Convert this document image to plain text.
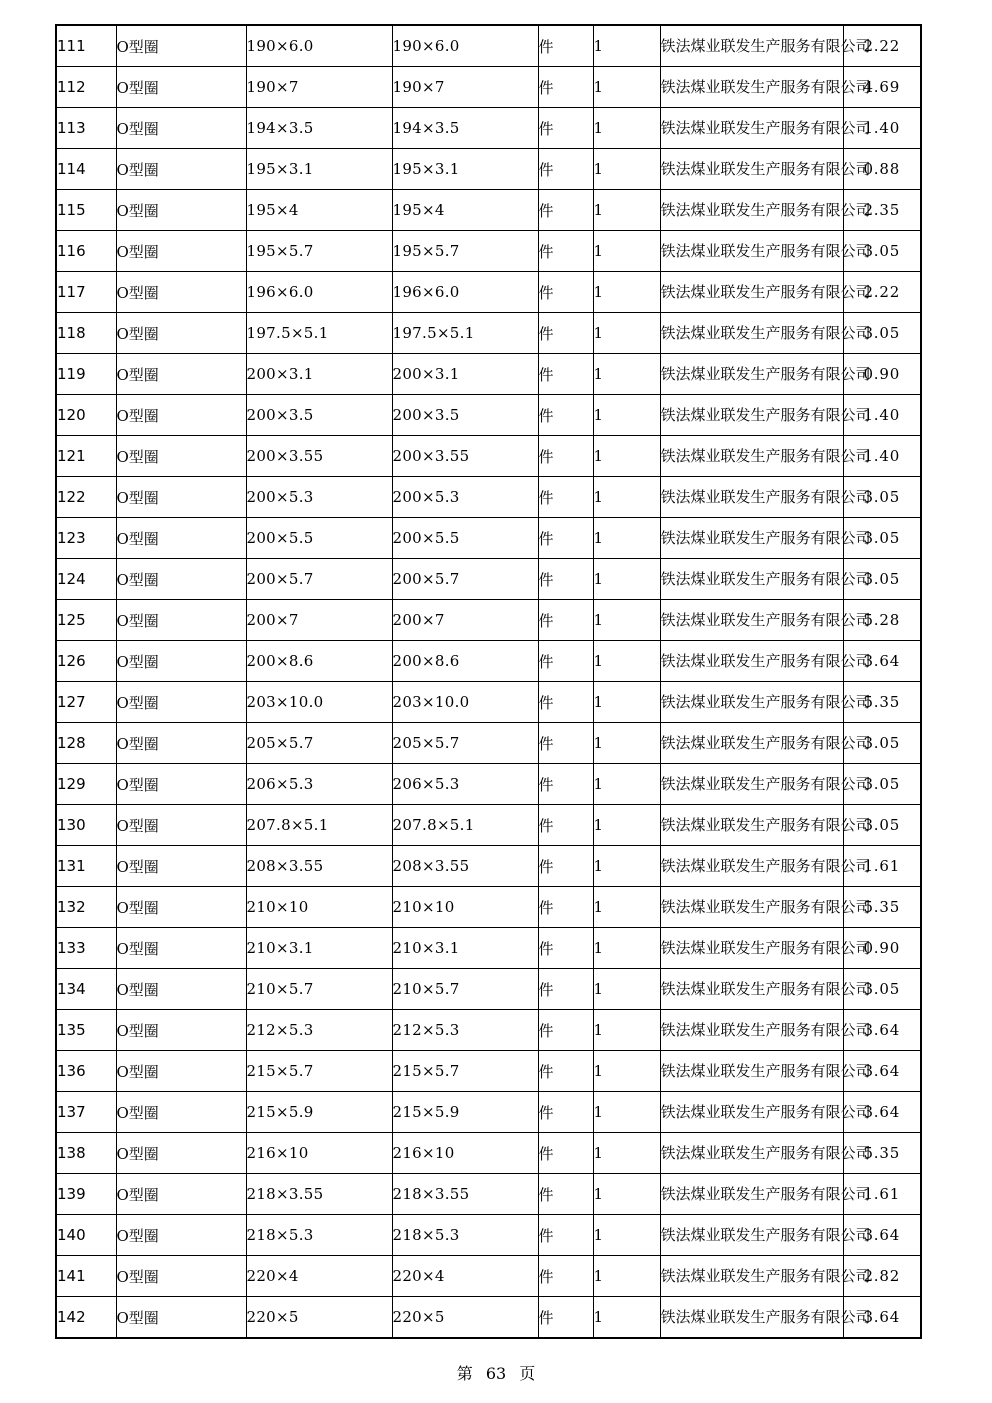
111	O型圈	190×6.0	190×6.0	件	1	铁法煤业联发生产服务有限公司	2.22
112	O型圈	190×7	190×7	件	1	铁法煤业联发生产服务有限公司	4.69
113	O型圈	194×3.5	194×3.5	件	1	铁法煤业联发生产服务有限公司	1.40
114	O型圈	195×3.1	195×3.1	件	1	铁法煤业联发生产服务有限公司	0.88
115	O型圈	195×4	195×4	件	1	铁法煤业联发生产服务有限公司	2.35
116	O型圈	195×5.7	195×5.7	件	1	铁法煤业联发生产服务有限公司	3.05
117	O型圈	196×6.0	196×6.0	件	1	铁法煤业联发生产服务有限公司	2.22
118	O型圈	197.5×5.1	197.5×5.1	件	1	铁法煤业联发生产服务有限公司	3.05
119	O型圈	200×3.1	200×3.1	件	1	铁法煤业联发生产服务有限公司	0.90
120	O型圈	200×3.5	200×3.5	件	1	铁法煤业联发生产服务有限公司	1.40
121	O型圈	200×3.55	200×3.55	件	1	铁法煤业联发生产服务有限公司	1.40
122	O型圈	200×5.3	200×5.3	件	1	铁法煤业联发生产服务有限公司	3.05
123	O型圈	200×5.5	200×5.5	件	1	铁法煤业联发生产服务有限公司	3.05
124	O型圈	200×5.7	200×5.7	件	1	铁法煤业联发生产服务有限公司	3.05
125	O型圈	200×7	200×7	件	1	铁法煤业联发生产服务有限公司	5.28
126	O型圈	200×8.6	200×8.6	件	1	铁法煤业联发生产服务有限公司	3.64
127	O型圈	203×10.0	203×10.0	件	1	铁法煤业联发生产服务有限公司	5.35
128	O型圈	205×5.7	205×5.7	件	1	铁法煤业联发生产服务有限公司	3.05
129	O型圈	206×5.3	206×5.3	件	1	铁法煤业联发生产服务有限公司	3.05
130	O型圈	207.8×5.1	207.8×5.1	件	1	铁法煤业联发生产服务有限公司	3.05
131	O型圈	208×3.55	208×3.55	件	1	铁法煤业联发生产服务有限公司	1.61
132	O型圈	210×10	210×10	件	1	铁法煤业联发生产服务有限公司	5.35
133	O型圈	210×3.1	210×3.1	件	1	铁法煤业联发生产服务有限公司	0.90
134	O型圈	210×5.7	210×5.7	件	1	铁法煤业联发生产服务有限公司	3.05
135	O型圈	212×5.3	212×5.3	件	1	铁法煤业联发生产服务有限公司	3.64
136	O型圈	215×5.7	215×5.7	件	1	铁法煤业联发生产服务有限公司	3.64
137	O型圈	215×5.9	215×5.9	件	1	铁法煤业联发生产服务有限公司	3.64
138	O型圈	216×10	216×10	件	1	铁法煤业联发生产服务有限公司	5.35
139	O型圈	218×3.55	218×3.55	件	1	铁法煤业联发生产服务有限公司	1.61
140	O型圈	218×5.3	218×5.3	件	1	铁法煤业联发生产服务有限公司	3.64
141	O型圈	220×4	220×4	件	1	铁法煤业联发生产服务有限公司	2.82
142	O型圈	220×5	220×5	件	1	铁法煤业联发生产服务有限公司	3.64
第 63 页
